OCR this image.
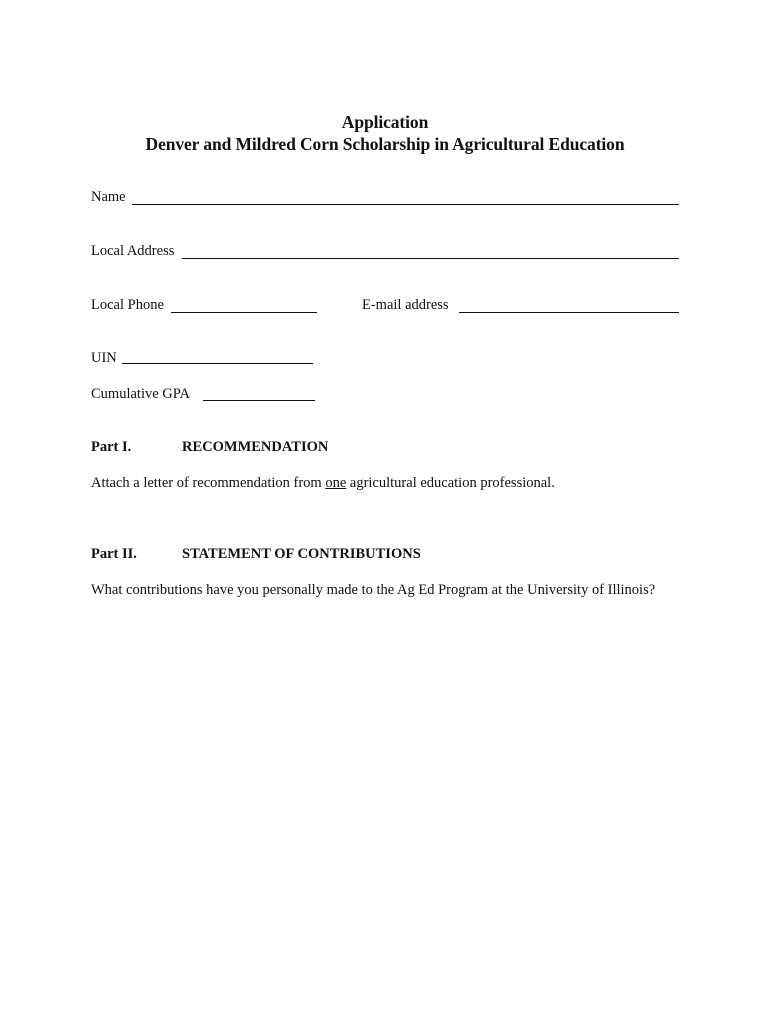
Application
Denver and Mildred Corn Scholarship in Agricultural Education
Name
Local Address
Local Phone	E-mail address
UIN
Cumulative GPA
Part I.	RECOMMENDATION
Attach a letter of recommendation from one agricultural education professional.
Part II.	STATEMENT OF CONTRIBUTIONS
What contributions have you personally made to the Ag Ed Program at the University of Illinois?
